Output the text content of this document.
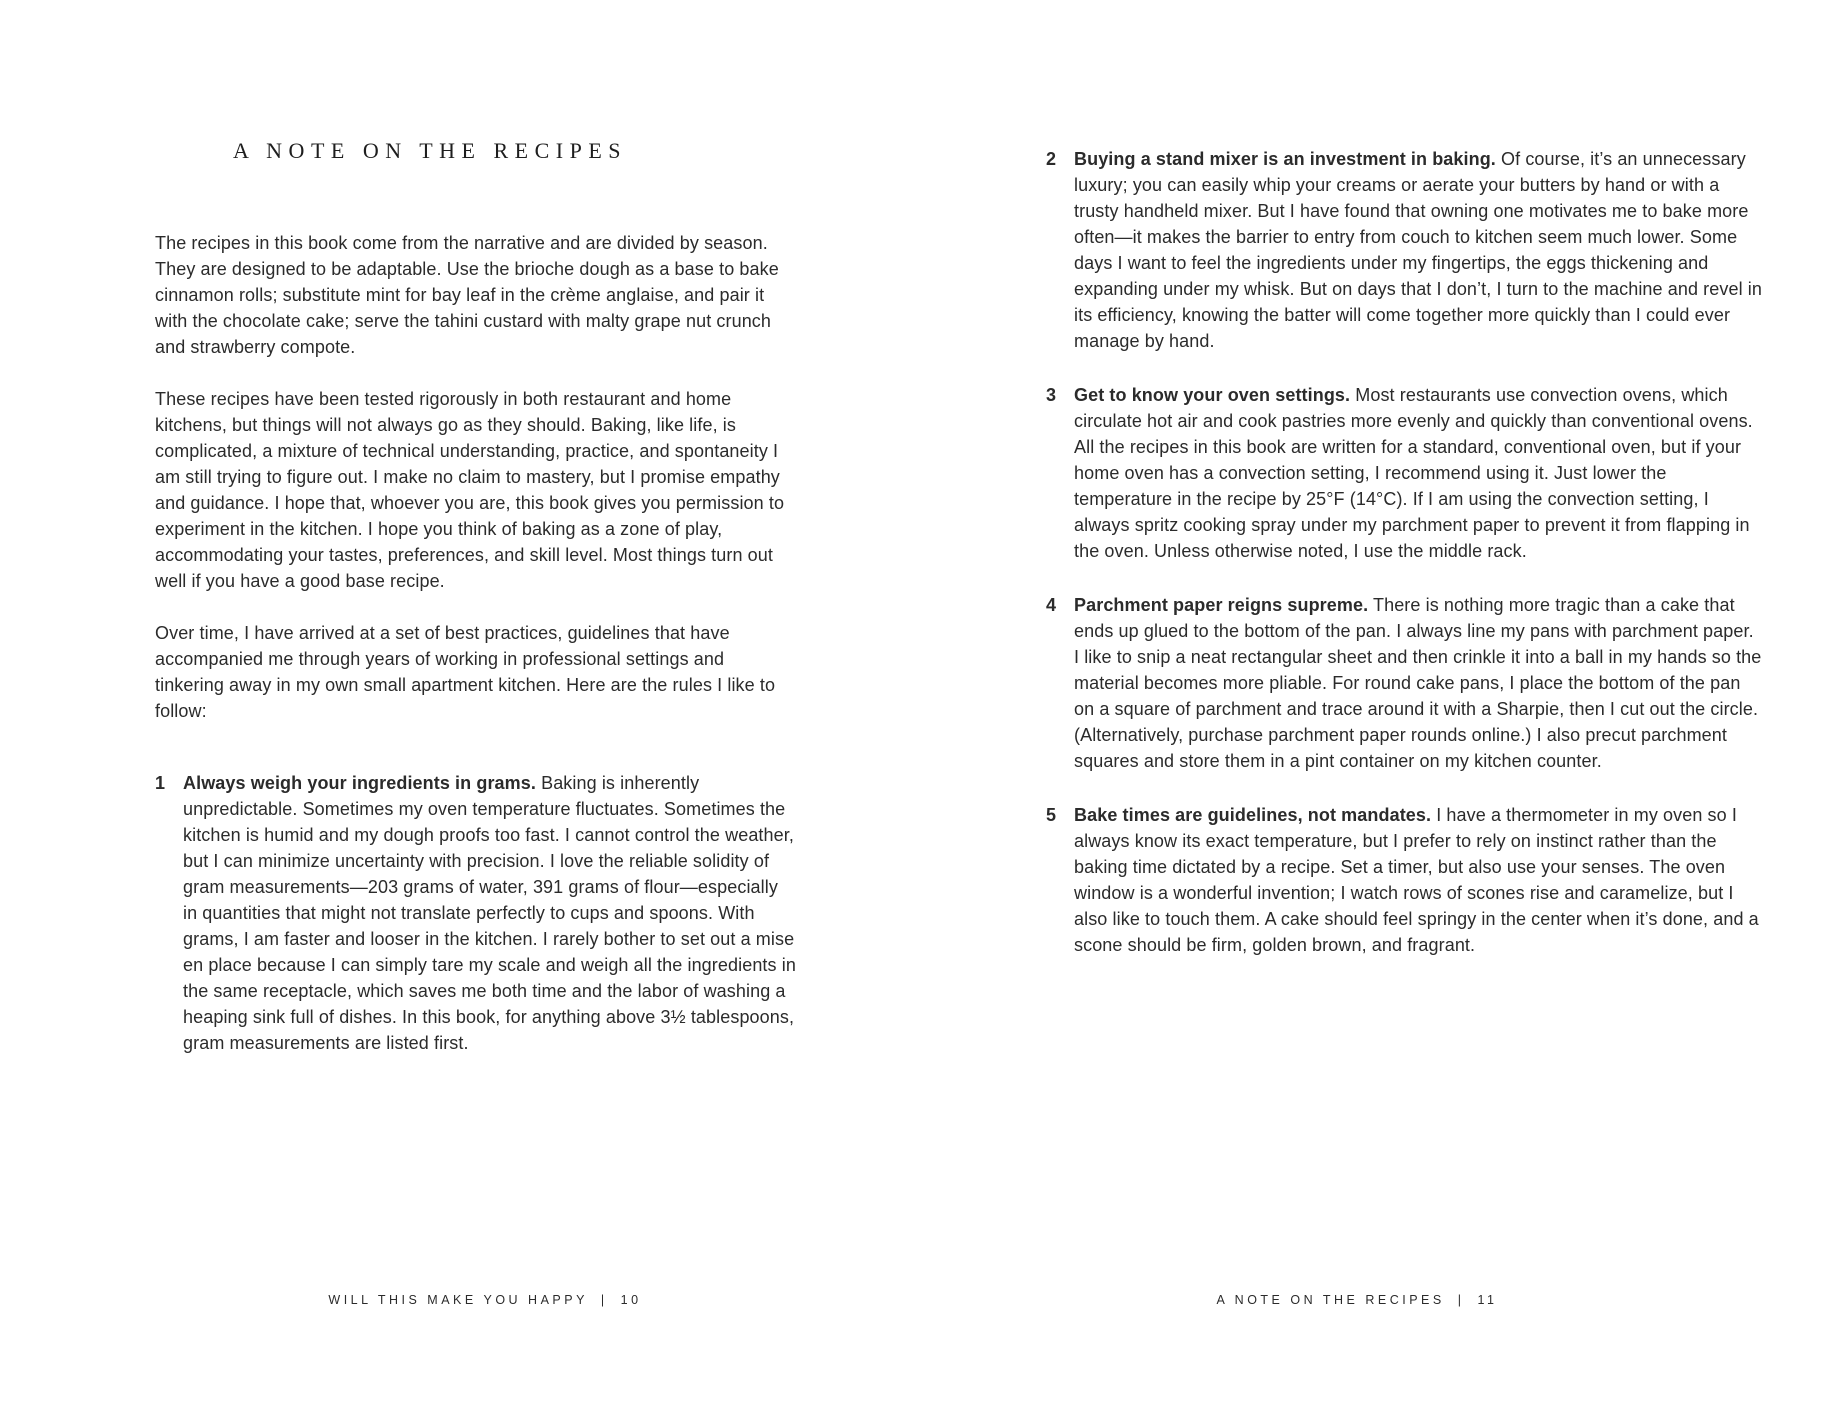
A NOTE ON THE RECIPES

The recipes in this book come from the narrative and are divided by season. They are designed to be adaptable. Use the brioche dough as a base to bake cinnamon rolls; substitute mint for bay leaf in the crème anglaise, and pair it with the chocolate cake; serve the tahini custard with malty grape nut crunch and strawberry compote.

These recipes have been tested rigorously in both restaurant and home kitchens, but things will not always go as they should. Baking, like life, is complicated, a mixture of technical understanding, practice, and spontaneity I am still trying to figure out. I make no claim to mastery, but I promise empathy and guidance. I hope that, whoever you are, this book gives you permission to experiment in the kitchen. I hope you think of baking as a zone of play, accommodating your tastes, preferences, and skill level. Most things turn out well if you have a good base recipe.

Over time, I have arrived at a set of best practices, guidelines that have accompanied me through years of working in professional settings and tinkering away in my own small apartment kitchen. Here are the rules I like to follow:

1 Always weigh your ingredients in grams. Baking is inherently unpredictable. Sometimes my oven temperature fluctuates. Sometimes the kitchen is humid and my dough proofs too fast. I cannot control the weather, but I can minimize uncertainty with precision. I love the reliable solidity of gram measurements—203 grams of water, 391 grams of flour—especially in quantities that might not translate perfectly to cups and spoons. With grams, I am faster and looser in the kitchen. I rarely bother to set out a mise en place because I can simply tare my scale and weigh all the ingredients in the same receptacle, which saves me both time and the labor of washing a heaping sink full of dishes. In this book, for anything above 3½ tablespoons, gram measurements are listed first.
2 Buying a stand mixer is an investment in baking. Of course, it’s an unnecessary luxury; you can easily whip your creams or aerate your butters by hand or with a trusty handheld mixer. But I have found that owning one motivates me to bake more often—it makes the barrier to entry from couch to kitchen seem much lower. Some days I want to feel the ingredients under my fingertips, the eggs thickening and expanding under my whisk. But on days that I don’t, I turn to the machine and revel in its efficiency, knowing the batter will come together more quickly than I could ever manage by hand.
3 Get to know your oven settings. Most restaurants use convection ovens, which circulate hot air and cook pastries more evenly and quickly than conventional ovens. All the recipes in this book are written for a standard, conventional oven, but if your home oven has a convection setting, I recommend using it. Just lower the temperature in the recipe by 25°F (14°C). If I am using the convection setting, I always spritz cooking spray under my parchment paper to prevent it from flapping in the oven. Unless otherwise noted, I use the middle rack.
4 Parchment paper reigns supreme. There is nothing more tragic than a cake that ends up glued to the bottom of the pan. I always line my pans with parchment paper. I like to snip a neat rectangular sheet and then crinkle it into a ball in my hands so the material becomes more pliable. For round cake pans, I place the bottom of the pan on a square of parchment and trace around it with a Sharpie, then I cut out the circle. (Alternatively, purchase parchment paper rounds online.) I also precut parchment squares and store them in a pint container on my kitchen counter.
5 Bake times are guidelines, not mandates. I have a thermometer in my oven so I always know its exact temperature, but I prefer to rely on instinct rather than the baking time dictated by a recipe. Set a timer, but also use your senses. The oven window is a wonderful invention; I watch rows of scones rise and caramelize, but I also like to touch them. A cake should feel springy in the center when it’s done, and a scone should be firm, golden brown, and fragrant.
WILL THIS MAKE YOU HAPPY | 10	A NOTE ON THE RECIPES | 11
